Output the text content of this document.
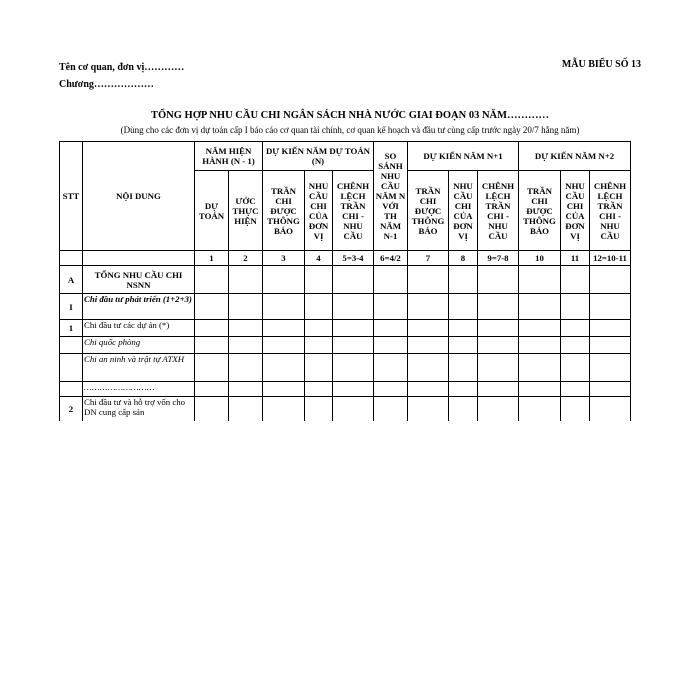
Tên cơ quan, đơn vị…………
Chương………………
MẪU BIỂU SỐ 13
TỔNG HỢP NHU CẦU CHI NGÂN SÁCH NHÀ NƯỚC GIAI ĐOẠN 03 NĂM…………
(Dùng cho các đơn vị dự toán cấp I báo cáo cơ quan tài chính, cơ quan kế hoạch và đầu tư cùng cấp trước ngày 20/7 hằng năm)
STT	NỘI DUNG	NĂM HIỆN HÀNH (N - 1)		DỰ KIẾN NĂM DỰ TOÁN (N)			SO SÁNH NHU CẦU NĂM N VỚI TH NĂM N-1	DỰ KIẾN NĂM N+1			DỰ KIẾN NĂM N+2		
		DỰ TOÁN	ƯỚC THỰC HIỆN	TRẦN CHI ĐƯỢC THÔNG BÁO	NHU CẦU CHI CỦA ĐƠN VỊ	CHÊNH LỆCH TRẦN CHI - NHU CẦU		TRẦN CHI ĐƯỢC THÔNG BÁO	NHU CẦU CHI CỦA ĐƠN VỊ	CHÊNH LỆCH TRẦN CHI - NHU CẦU	TRẦN CHI ĐƯỢC THÔNG BÁO	NHU CẦU CHI CỦA ĐƠN VỊ	CHÊNH LỆCH TRẦN CHI - NHU CẦU
		1	2	3	4	5=3-4	6=4/2	7	8	9=7-8	10	11	12=10-11
A	TỔNG NHU CẦU CHI NSNN												
I	Chi đầu tư phát triển (1+2+3)												
1	Chi đầu tư các dự án (*)												
	Chi quốc phòng												
	Chi an ninh và trật tự ATXH												
	………………………												
2	Chi đầu tư và hỗ trợ vốn cho DN cung cấp sản												
